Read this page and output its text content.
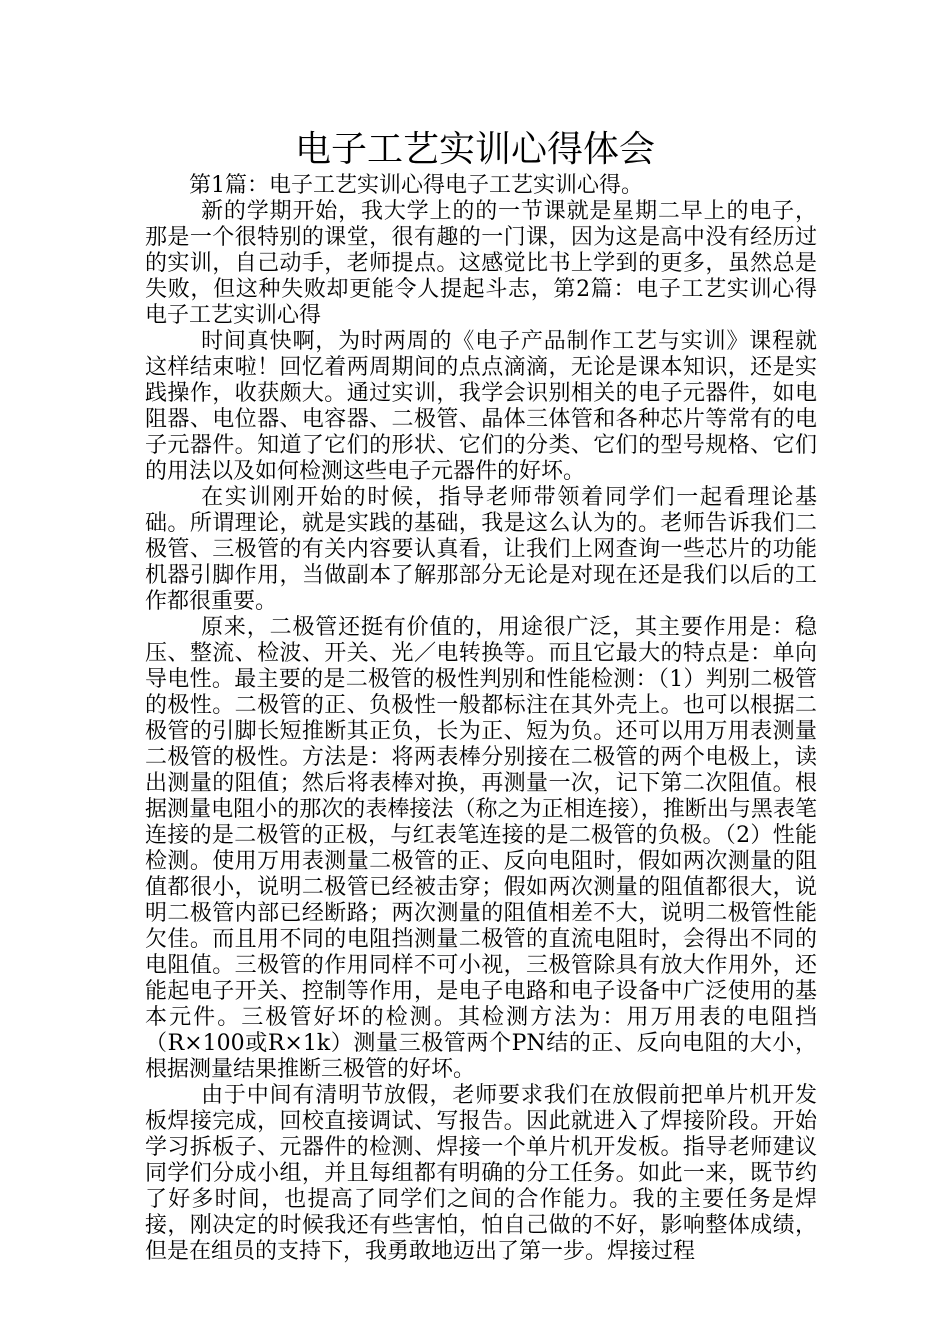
电子工艺实训心得体会

第1篇：电子工艺实训心得电子工艺实训心得。

新的学期开始，我大学上的的一节课就是星期二早上的电子，那是一个很特别的课堂，很有趣的一门课，因为这是高中没有经历过的实训，自己动手，老师提点。这感觉比书上学到的更多，虽然总是失败，但这种失败却更能令人提起斗志，第2篇：电子工艺实训心得电子工艺实训心得

时间真快啊，为时两周的《电子产品制作工艺与实训》课程就这样结束啦！回忆着两周期间的点点滴滴，无论是课本知识，还是实践操作，收获颇大。通过实训，我学会识别相关的电子元器件，如电阻器、电位器、电容器、二极管、晶体三体管和各种芯片等常有的电子元器件。知道了它们的形状、它们的分类、它们的型号规格、它们的用法以及如何检测这些电子元器件的好坏。

在实训刚开始的时候，指导老师带领着同学们一起看理论基础。所谓理论，就是实践的基础，我是这么认为的。老师告诉我们二极管、三极管的有关内容要认真看，让我们上网查询一些芯片的功能机器引脚作用，当做副本了解那部分无论是对现在还是我们以后的工作都很重要。

原来，二极管还挺有价值的，用途很广泛，其主要作用是：稳压、整流、检波、开关、光／电转换等。而且它最大的特点是：单向导电性。最主要的是二极管的极性判别和性能检测：（1）判别二极管的极性。二极管的正、负极性一般都标注在其外壳上。也可以根据二极管的引脚长短推断其正负，长为正、短为负。还可以用万用表测量二极管的极性。方法是：将两表棒分别接在二极管的两个电极上，读出测量的阻值；然后将表棒对换，再测量一次，记下第二次阻值。根据测量电阻小的那次的表棒接法（称之为正相连接），推断出与黑表笔连接的是二极管的正极，与红表笔连接的是二极管的负极。（2）性能检测。使用万用表测量二极管的正、反向电阻时，假如两次测量的阻值都很小，说明二极管已经被击穿；假如两次测量的阻值都很大，说明二极管内部已经断路；两次测量的阻值相差不大，说明二极管性能欠佳。而且用不同的电阻挡测量二极管的直流电阻时，会得出不同的电阻值。三极管的作用同样不可小视，三极管除具有放大作用外，还能起电子开关、控制等作用，是电子电路和电子设备中广泛使用的基本元件。三极管好坏的检测。其检测方法为：用万用表的电阻挡（R×100或R×1k）测量三极管两个PN结的正、反向电阻的大小，根据测量结果推断三极管的好坏。

由于中间有清明节放假，老师要求我们在放假前把单片机开发板焊接完成，回校直接调试、写报告。因此就进入了焊接阶段。开始学习拆板子、元器件的检测、焊接一个单片机开发板。指导老师建议同学们分成小组，并且每组都有明确的分工任务。如此一来，既节约了好多时间，也提高了同学们之间的合作能力。我的主要任务是焊接，刚决定的时候我还有些害怕，怕自己做的不好，影响整体成绩，但是在组员的支持下，我勇敢地迈出了第一步。焊接过程
